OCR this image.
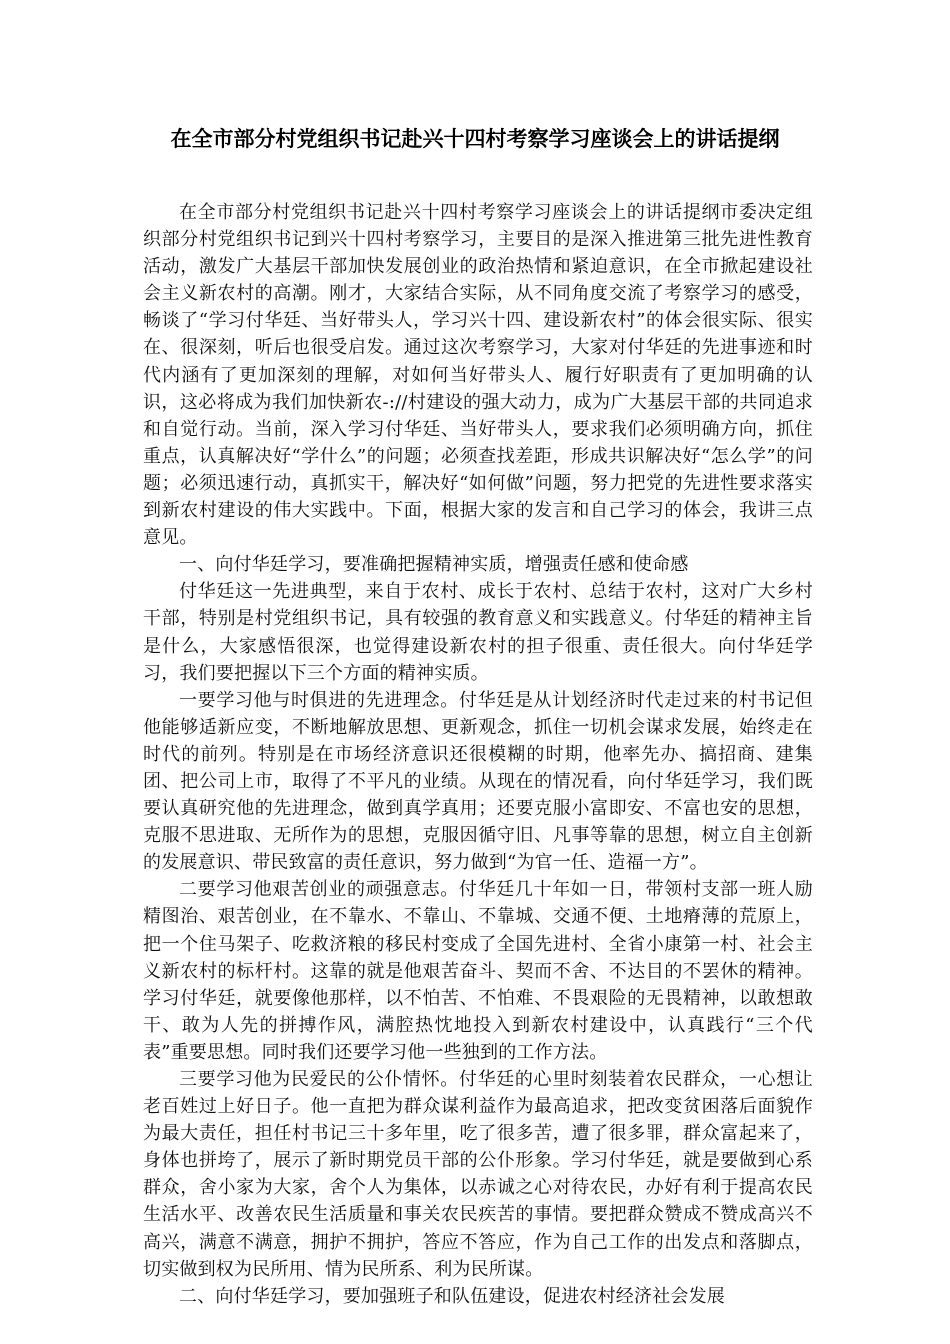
在全市部分村党组织书记赴兴十四村考察学习座谈会上的讲话提纲

在全市部分村党组织书记赴兴十四村考察学习座谈会上的讲话提纲市委决定组织部分村党组织书记到兴十四村考察学习，主要目的是深入推进第三批先进性教育活动，激发广大基层干部加快发展创业的政治热情和紧迫意识，在全市掀起建设社会主义新农村的高潮。刚才，大家结合实际，从不同角度交流了考察学习的感受，畅谈了“学习付华廷、当好带头人，学习兴十四、建设新农村”的体会很实际、很实在、很深刻，听后也很受启发。通过这次考察学习，大家对付华廷的先进事迹和时代内涵有了更加深刻的理解，对如何当好带头人、履行好职责有了更加明确的认识，这必将成为我们加快新农-://村建设的强大动力，成为广大基层干部的共同追求和自觉行动。当前，深入学习付华廷、当好带头人，要求我们必须明确方向，抓住重点，认真解决好“学什么”的问题；必须查找差距，形成共识解决好“怎么学”的问题；必须迅速行动，真抓实干，解决好“如何做”问题，努力把党的先进性要求落实到新农村建设的伟大实践中。下面，根据大家的发言和自己学习的体会，我讲三点意见。

一、向付华廷学习，要准确把握精神实质，增强责任感和使命感

付华廷这一先进典型，来自于农村、成长于农村、总结于农村，这对广大乡村干部，特别是村党组织书记，具有较强的教育意义和实践意义。付华廷的精神主旨是什么，大家感悟很深，也觉得建设新农村的担子很重、责任很大。向付华廷学习，我们要把握以下三个方面的精神实质。

一要学习他与时俱进的先进理念。付华廷是从计划经济时代走过来的村书记但他能够适新应变，不断地解放思想、更新观念，抓住一切机会谋求发展，始终走在时代的前列。特别是在市场经济意识还很模糊的时期，他率先办、搞招商、建集团、把公司上市，取得了不平凡的业绩。从现在的情况看，向付华廷学习，我们既要认真研究他的先进理念，做到真学真用；还要克服小富即安、不富也安的思想，克服不思进取、无所作为的思想，克服因循守旧、凡事等靠的思想，树立自主创新的发展意识、带民致富的责任意识，努力做到“为官一任、造福一方”。

二要学习他艰苦创业的顽强意志。付华廷几十年如一日，带领村支部一班人励精图治、艰苦创业，在不靠水、不靠山、不靠城、交通不便、土地瘠薄的荒原上，把一个住马架子、吃救济粮的移民村变成了全国先进村、全省小康第一村、社会主义新农村的标杆村。这靠的就是他艰苦奋斗、契而不舍、不达目的不罢休的精神。学习付华廷，就要像他那样，以不怕苦、不怕难、不畏艰险的无畏精神，以敢想敢干、敢为人先的拼搏作风，满腔热忱地投入到新农村建设中，认真践行“三个代表”重要思想。同时我们还要学习他一些独到的工作方法。

三要学习他为民爱民的公仆情怀。付华廷的心里时刻装着农民群众，一心想让老百姓过上好日子。他一直把为群众谋利益作为最高追求，把改变贫困落后面貌作为最大责任，担任村书记三十多年里，吃了很多苦，遭了很多罪，群众富起来了，身体也拼垮了，展示了新时期党员干部的公仆形象。学习付华廷，就是要做到心系群众，舍小家为大家，舍个人为集体，以赤诚之心对待农民，办好有利于提高农民生活水平、改善农民生活质量和事关农民疾苦的事情。要把群众赞成不赞成高兴不高兴，满意不满意，拥护不拥护，答应不答应，作为自己工作的出发点和落脚点，切实做到权为民所用、情为民所系、利为民所谋。

二、向付华廷学习，要加强班子和队伍建设，促进农村经济社会发展
